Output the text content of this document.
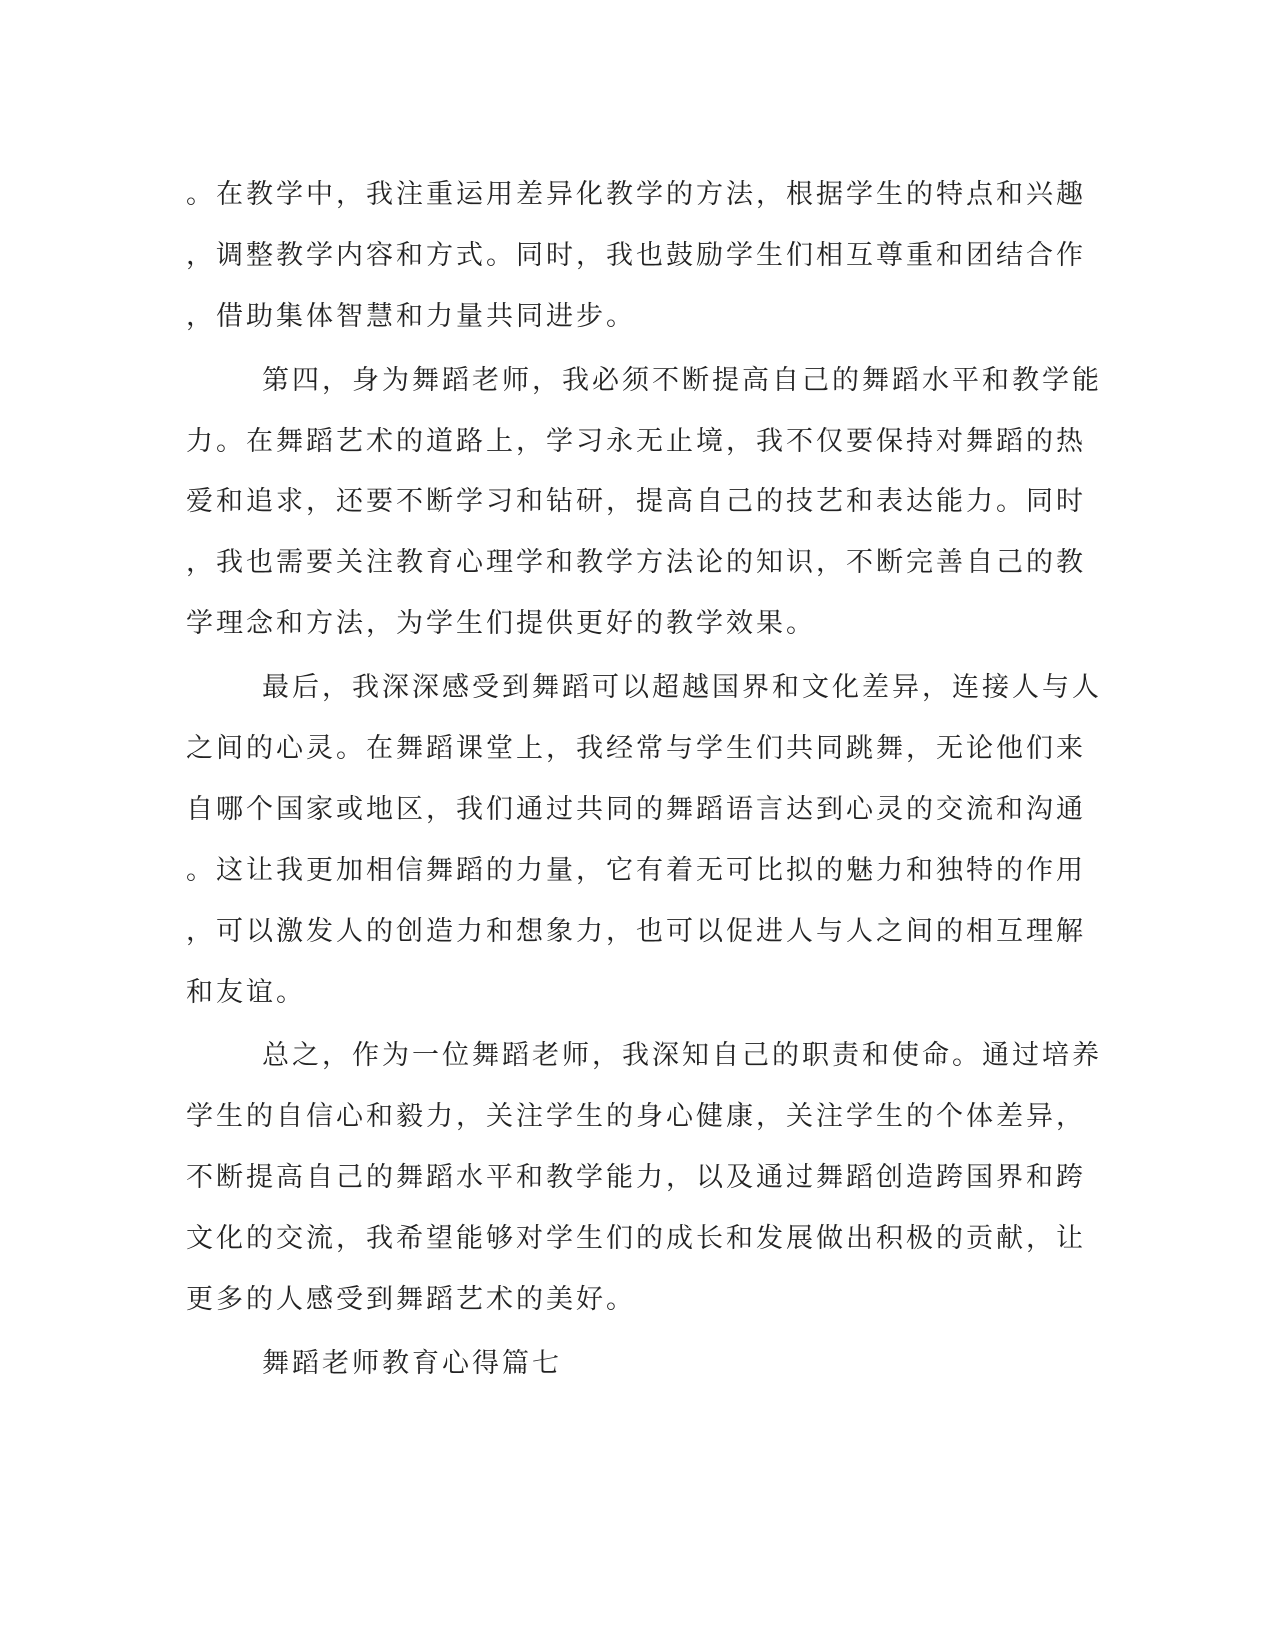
。在教学中，我注重运用差异化教学的方法，根据学生的特点和兴趣
，调整教学内容和方式。同时，我也鼓励学生们相互尊重和团结合作
，借助集体智慧和力量共同进步。
第四，身为舞蹈老师，我必须不断提高自己的舞蹈水平和教学能
力。在舞蹈艺术的道路上，学习永无止境，我不仅要保持对舞蹈的热
爱和追求，还要不断学习和钻研，提高自己的技艺和表达能力。同时
，我也需要关注教育心理学和教学方法论的知识，不断完善自己的教
学理念和方法，为学生们提供更好的教学效果。
最后，我深深感受到舞蹈可以超越国界和文化差异，连接人与人
之间的心灵。在舞蹈课堂上，我经常与学生们共同跳舞，无论他们来
自哪个国家或地区，我们通过共同的舞蹈语言达到心灵的交流和沟通
。这让我更加相信舞蹈的力量，它有着无可比拟的魅力和独特的作用
，可以激发人的创造力和想象力，也可以促进人与人之间的相互理解
和友谊。
总之，作为一位舞蹈老师，我深知自己的职责和使命。通过培养
学生的自信心和毅力，关注学生的身心健康，关注学生的个体差异，
不断提高自己的舞蹈水平和教学能力，以及通过舞蹈创造跨国界和跨
文化的交流，我希望能够对学生们的成长和发展做出积极的贡献，让
更多的人感受到舞蹈艺术的美好。
舞蹈老师教育心得篇七
